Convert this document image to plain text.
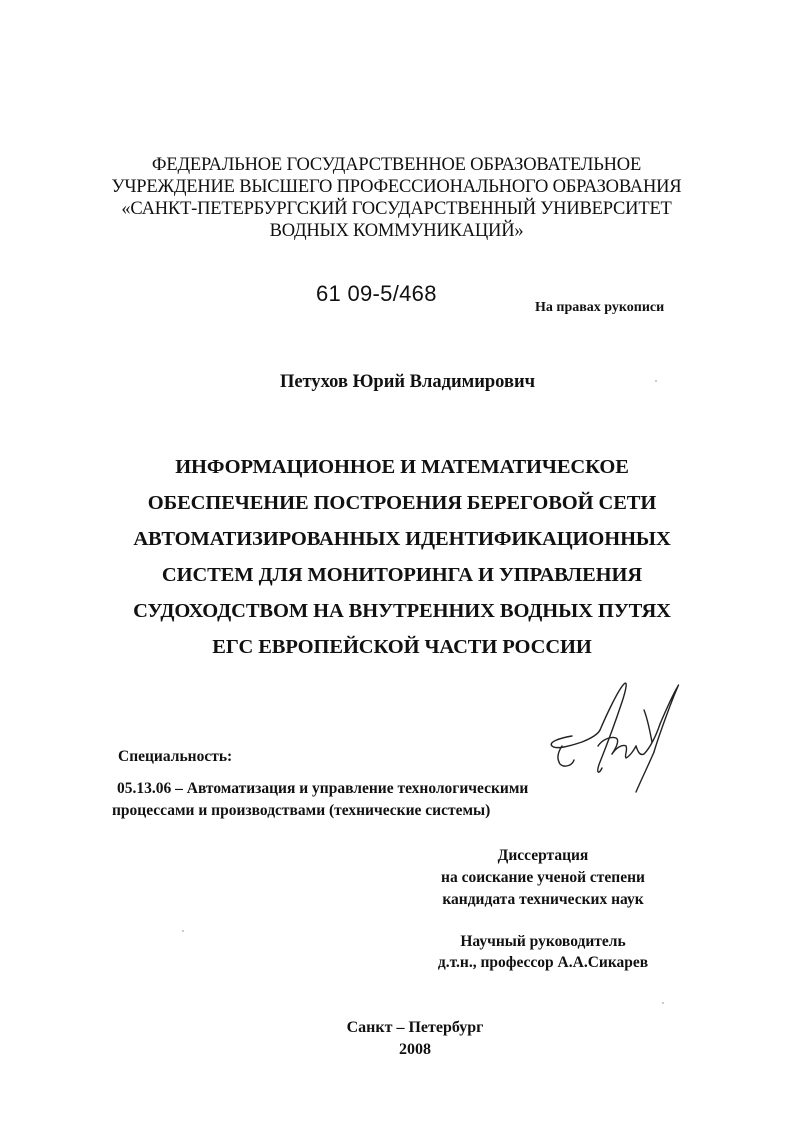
ФЕДЕРАЛЬНОЕ ГОСУДАРСТВЕННОЕ ОБРАЗОВАТЕЛЬНОЕ
УЧРЕЖДЕНИЕ ВЫСШЕГО ПРОФЕССИОНАЛЬНОГО ОБРАЗОВАНИЯ
«САНКТ-ПЕТЕРБУРГСКИЙ ГОСУДАРСТВЕННЫЙ УНИВЕРСИТЕТ
ВОДНЫХ КОММУНИКАЦИЙ»
61 09-5/468
На правах рукописи
Петухов Юрий Владимирович
ИНФОРМАЦИОННОЕ И МАТЕМАТИЧЕСКОЕ
ОБЕСПЕЧЕНИЕ ПОСТРОЕНИЯ БЕРЕГОВОЙ СЕТИ
АВТОМАТИЗИРОВАННЫХ ИДЕНТИФИКАЦИОННЫХ
СИСТЕМ ДЛЯ МОНИТОРИНГА И УПРАВЛЕНИЯ
СУДОХОДСТВОМ НА ВНУТРЕННИХ ВОДНЫХ ПУТЯХ
ЕГС ЕВРОПЕЙСКОЙ ЧАСТИ РОССИИ
Специальность:
05.13.06 – Автоматизация и управление технологическими
процессами и производствами (технические системы)
Диссертация
на соискание ученой степени
кандидата технических наук
Научный руководитель
д.т.н., профессор А.А.Сикарев
Санкт – Петербург
2008
